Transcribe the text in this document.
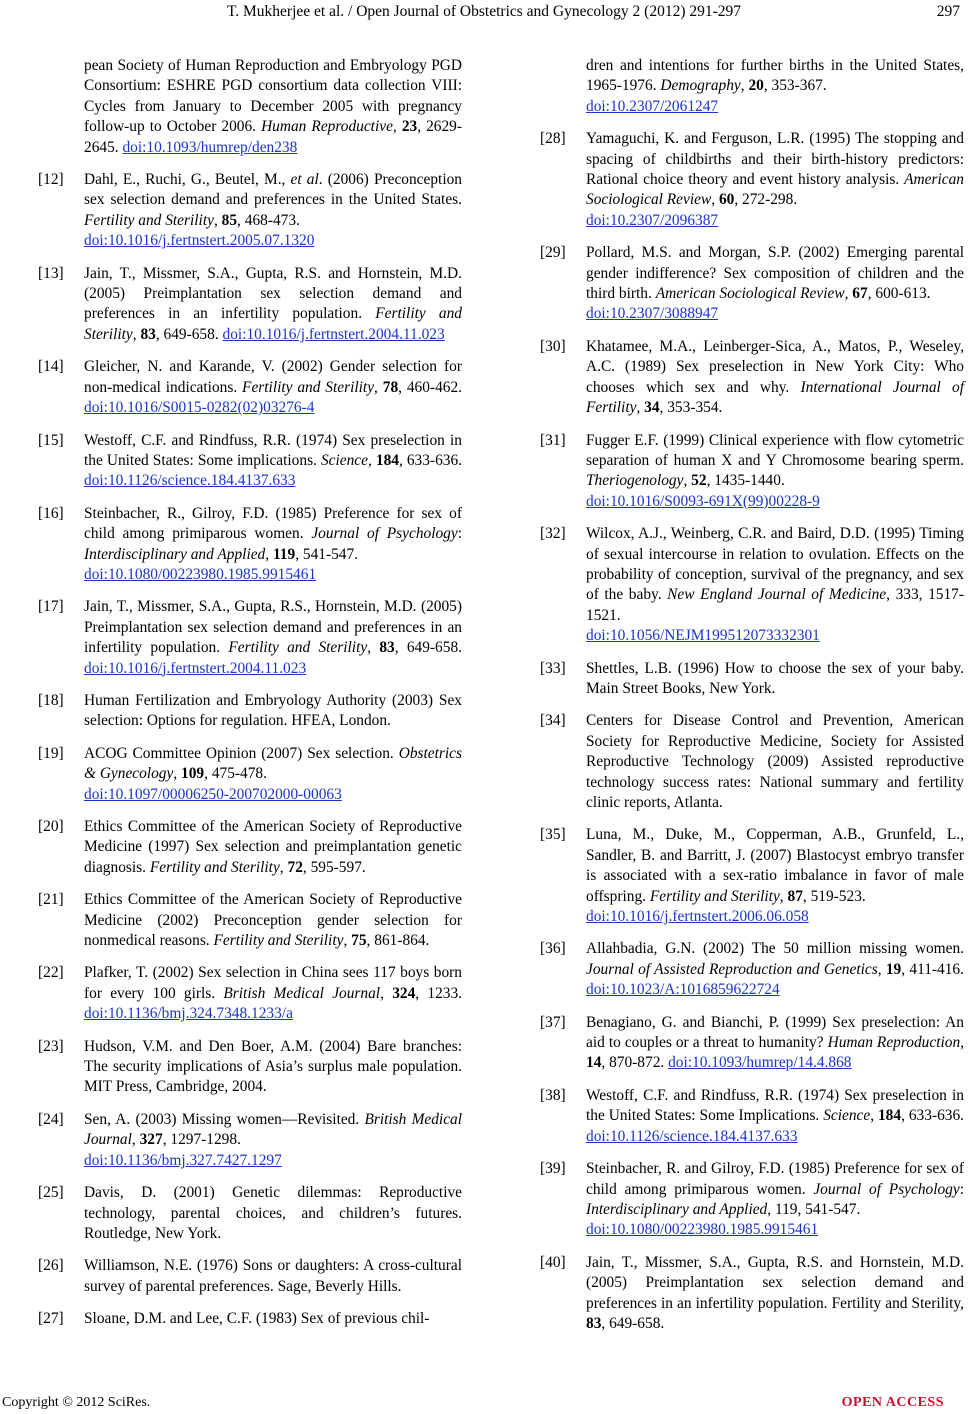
T. Mukherjee et al. / Open Journal of Obstetrics and Gynecology 2 (2012) 291-297	297
pean Society of Human Reproduction and Embryology PGD Consortium: ESHRE PGD consortium data collection VIII: Cycles from January to December 2005 with pregnancy follow-up to October 2006. Human Reproductive, 23, 2629-2645. doi:10.1093/humrep/den238
[12]	Dahl, E., Ruchi, G., Beutel, M., et al. (2006) Preconception sex selection demand and preferences in the United States. Fertility and Sterility, 85, 468-473.
doi:10.1016/j.fertnstert.2005.07.1320
[13]	Jain, T., Missmer, S.A., Gupta, R.S. and Hornstein, M.D. (2005) Preimplantation sex selection demand and preferences in an infertility population. Fertility and Sterility, 83, 649-658. doi:10.1016/j.fertnstert.2004.11.023
[14]	Gleicher, N. and Karande, V. (2002) Gender selection for non-medical indications. Fertility and Sterility, 78, 460-462. doi:10.1016/S0015-0282(02)03276-4
[15]	Westoff, C.F. and Rindfuss, R.R. (1974) Sex preselection in the United States: Some implications. Science, 184, 633-636. doi:10.1126/science.184.4137.633
[16]	Steinbacher, R., Gilroy, F.D. (1985) Preference for sex of child among primiparous women. Journal of Psychology: Interdisciplinary and Applied, 119, 541-547.
doi:10.1080/00223980.1985.9915461
[17]	Jain, T., Missmer, S.A., Gupta, R.S., Hornstein, M.D. (2005) Preimplantation sex selection demand and preferences in an infertility population. Fertility and Sterility, 83, 649-658. doi:10.1016/j.fertnstert.2004.11.023
[18]	Human Fertilization and Embryology Authority (2003) Sex selection: Options for regulation. HFEA, London.
[19]	ACOG Committee Opinion (2007) Sex selection. Obstetrics & Gynecology, 109, 475-478.
doi:10.1097/00006250-200702000-00063
[20]	Ethics Committee of the American Society of Reproductive Medicine (1997) Sex selection and preimplantation genetic diagnosis. Fertility and Sterility, 72, 595-597.
[21]	Ethics Committee of the American Society of Reproductive Medicine (2002) Preconception gender selection for nonmedical reasons. Fertility and Sterility, 75, 861-864.
[22]	Plafker, T. (2002) Sex selection in China sees 117 boys born for every 100 girls. British Medical Journal, 324, 1233. doi:10.1136/bmj.324.7348.1233/a
[23]	Hudson, V.M. and Den Boer, A.M. (2004) Bare branches: The security implications of Asia’s surplus male population. MIT Press, Cambridge, 2004.
[24]	Sen, A. (2003) Missing women—Revisited. British Medical Journal, 327, 1297-1298.
doi:10.1136/bmj.327.7427.1297
[25]	Davis, D. (2001) Genetic dilemmas: Reproductive technology, parental choices, and children’s futures. Routledge, New York.
[26]	Williamson, N.E. (1976) Sons or daughters: A cross-cultural survey of parental preferences. Sage, Beverly Hills.
[27]	Sloane, D.M. and Lee, C.F. (1983) Sex of previous chil-
dren and intentions for further births in the United States, 1965-1976. Demography, 20, 353-367.
doi:10.2307/2061247
[28]	Yamaguchi, K. and Ferguson, L.R. (1995) The stopping and spacing of childbirths and their birth-history predictors: Rational choice theory and event history analysis. American Sociological Review, 60, 272-298.
doi:10.2307/2096387
[29]	Pollard, M.S. and Morgan, S.P. (2002) Emerging parental gender indifference? Sex composition of children and the third birth. American Sociological Review, 67, 600-613.
doi:10.2307/3088947
[30]	Khatamee, M.A., Leinberger-Sica, A., Matos, P., Weseley, A.C. (1989) Sex preselection in New York City: Who chooses which sex and why. International Journal of Fertility, 34, 353-354.
[31]	Fugger E.F. (1999) Clinical experience with flow cytometric separation of human X and Y Chromosome bearing sperm. Theriogenology, 52, 1435-1440.
doi:10.1016/S0093-691X(99)00228-9
[32]	Wilcox, A.J., Weinberg, C.R. and Baird, D.D. (1995) Timing of sexual intercourse in relation to ovulation. Effects on the probability of conception, survival of the pregnancy, and sex of the baby. New England Journal of Medicine, 333, 1517-1521.
doi:10.1056/NEJM199512073332301
[33]	Shettles, L.B. (1996) How to choose the sex of your baby. Main Street Books, New York.
[34]	Centers for Disease Control and Prevention, American Society for Reproductive Medicine, Society for Assisted Reproductive Technology (2009) Assisted reproductive technology success rates: National summary and fertility clinic reports, Atlanta.
[35]	Luna, M., Duke, M., Copperman, A.B., Grunfeld, L., Sandler, B. and Barritt, J. (2007) Blastocyst embryo transfer is associated with a sex-ratio imbalance in favor of male offspring. Fertility and Sterility, 87, 519-523.
doi:10.1016/j.fertnstert.2006.06.058
[36]	Allahbadia, G.N. (2002) The 50 million missing women. Journal of Assisted Reproduction and Genetics, 19, 411-416. doi:10.1023/A:1016859622724
[37]	Benagiano, G. and Bianchi, P. (1999) Sex preselection: An aid to couples or a threat to humanity? Human Reproduction, 14, 870-872. doi:10.1093/humrep/14.4.868
[38]	Westoff, C.F. and Rindfuss, R.R. (1974) Sex preselection in the United States: Some Implications. Science, 184, 633-636. doi:10.1126/science.184.4137.633
[39]	Steinbacher, R. and Gilroy, F.D. (1985) Preference for sex of child among primiparous women. Journal of Psychology: Interdisciplinary and Applied, 119, 541-547.
doi:10.1080/00223980.1985.9915461
[40]	Jain, T., Missmer, S.A., Gupta, R.S. and Hornstein, M.D. (2005) Preimplantation sex selection demand and preferences in an infertility population. Fertility and Sterility, 83, 649-658.
Copyright © 2012 SciRes.	OPEN ACCESS
